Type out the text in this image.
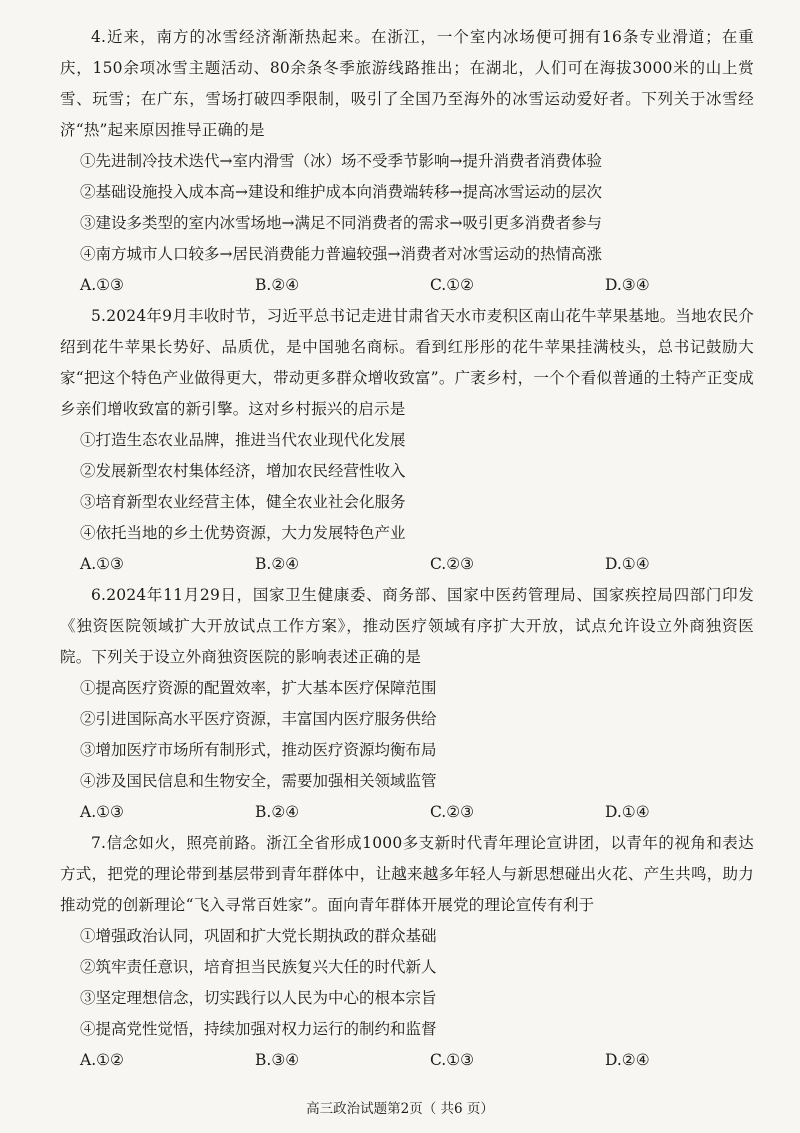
4.近来，南方的冰雪经济渐渐热起来。在浙江，一个室内冰场便可拥有16条专业滑道；在重庆，150余项冰雪主题活动、80余条冬季旅游线路推出；在湖北，人们可在海拔3000米的山上赏雪、玩雪；在广东，雪场打破四季限制，吸引了全国乃至海外的冰雪运动爱好者。下列关于冰雪经济“热”起来原因推导正确的是

①先进制冷技术迭代→室内滑雪（冰）场不受季节影响→提升消费者消费体验

②基础设施投入成本高→建设和维护成本向消费端转移→提高冰雪运动的层次

③建设多类型的室内冰雪场地→满足不同消费者的需求→吸引更多消费者参与

④南方城市人口较多→居民消费能力普遍较强→消费者对冰雪运动的热情高涨

A.①③	B.②④	C.①②	D.③④

5.2024年9月丰收时节，习近平总书记走进甘肃省天水市麦积区南山花牛苹果基地。当地农民介绍到花牛苹果长势好、品质优，是中国驰名商标。看到红彤彤的花牛苹果挂满枝头，总书记鼓励大家“把这个特色产业做得更大，带动更多群众增收致富”。广袤乡村，一个个看似普通的土特产正变成乡亲们增收致富的新引擎。这对乡村振兴的启示是

①打造生态农业品牌，推进当代农业现代化发展

②发展新型农村集体经济，增加农民经营性收入

③培育新型农业经营主体，健全农业社会化服务

④依托当地的乡土优势资源，大力发展特色产业

A.①③	B.②④	C.②③	D.①④

6.2024年11月29日，国家卫生健康委、商务部、国家中医药管理局、国家疾控局四部门印发《独资医院领域扩大开放试点工作方案》，推动医疗领域有序扩大开放，试点允许设立外商独资医院。下列关于设立外商独资医院的影响表述正确的是

①提高医疗资源的配置效率，扩大基本医疗保障范围

②引进国际高水平医疗资源，丰富国内医疗服务供给

③增加医疗市场所有制形式，推动医疗资源均衡布局

④涉及国民信息和生物安全，需要加强相关领域监管

A.①③	B.②④	C.②③	D.①④

7.信念如火，照亮前路。浙江全省形成1000多支新时代青年理论宣讲团，以青年的视角和表达方式，把党的理论带到基层带到青年群体中，让越来越多年轻人与新思想碰出火花、产生共鸣，助力推动党的创新理论“飞入寻常百姓家”。面向青年群体开展党的理论宣传有利于

①增强政治认同，巩固和扩大党长期执政的群众基础

②筑牢责任意识，培育担当民族复兴大任的时代新人

③坚定理想信念，切实践行以人民为中心的根本宗旨

④提高党性觉悟，持续加强对权力运行的制约和监督

A.①②	B.③④	C.①③	D.②④
高三政治试题第2页（ 共6 页）
